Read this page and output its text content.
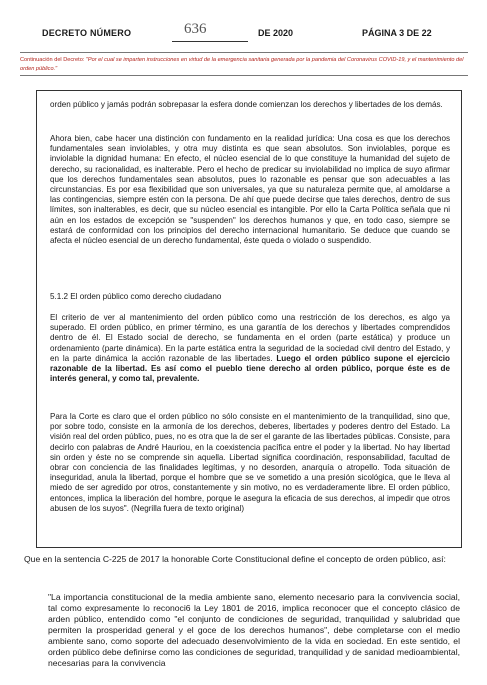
DECRETO NÚMERO	636	DE 2020	PÁGINA 3 DE 22
Continuación del Decreto: "Por el cual se imparten instrucciones en virtud de la emergencia sanitaria generada por la pandemia del Coronavirus COVID-19, y el mantenimiento del orden público."
orden público y jamás podrán sobrepasar la esfera donde comienzan los derechos y libertades de los demás.
Ahora bien, cabe hacer una distinción con fundamento en la realidad jurídica: Una cosa es que los derechos fundamentales sean inviolables, y otra muy distinta es que sean absolutos. Son inviolables, porque es inviolable la dignidad humana: En efecto, el núcleo esencial de lo que constituye la humanidad del sujeto de derecho, su racionalidad, es inalterable. Pero el hecho de predicar su inviolabilidad no implica de suyo afirmar que los derechos fundamentales sean absolutos, pues lo razonable es pensar que son adecuables a las circunstancias. Es por esa flexibilidad que son universales, ya que su naturaleza permite que, al amoldarse a las contingencias, siempre estén con la persona. De ahí que puede decirse que tales derechos, dentro de sus límites, son inalterables, es decir, que su núcleo esencial es intangible. Por ello la Carta Política señala que ni aún en los estados de excepción se "suspenden" los derechos humanos y que, en todo caso, siempre se estará de conformidad con los principios del derecho internacional humanitario. Se deduce que cuando se afecta el núcleo esencial de un derecho fundamental, éste queda o violado o suspendido.
5.1.2 El orden público como derecho ciudadano
El criterio de ver al mantenimiento del orden público como una restricción de los derechos, es algo ya superado. El orden público, en primer término, es una garantía de los derechos y libertades comprendidos dentro de él. El Estado social de derecho, se fundamenta en el orden (parte estática) y produce un ordenamiento (parte dinámica). En la parte estática entra la seguridad de la sociedad civil dentro del Estado, y en la parte dinámica la acción razonable de las libertades. Luego el orden público supone el ejercicio razonable de la libertad. Es así como el pueblo tiene derecho al orden público, porque éste es de interés general, y como tal, prevalente.
Para la Corte es claro que el orden público no sólo consiste en el mantenimiento de la tranquilidad, sino que, por sobre todo, consiste en la armonía de los derechos, deberes, libertades y poderes dentro del Estado. La visión real del orden público, pues, no es otra que la de ser el garante de las libertades públicas. Consiste, para decirlo con palabras de André Hauriou, en la coexistencia pacífica entre el poder y la libertad. No hay libertad sin orden y éste no se comprende sin aquella. Libertad significa coordinación, responsabilidad, facultad de obrar con conciencia de las finalidades legítimas, y no desorden, anarquía o atropello. Toda situación de inseguridad, anula la libertad, porque el hombre que se ve sometido a una presión sicológica, que le lleva al miedo de ser agredido por otros, constantemente y sin motivo, no es verdaderamente libre. El orden público, entonces, implica la liberación del hombre, porque le asegura la eficacia de sus derechos, al impedir que otros abusen de los suyos". (Negrilla fuera de texto original)
Que en la sentencia C-225 de 2017 la honorable Corte Constitucional define el concepto de orden público, así:
"La importancia constitucional de la media ambiente sano, elemento necesario para la convivencia social, tal como expresamente lo reconoci6 la Ley 1801 de 2016, implica reconocer que el concepto clásico de arden público, entendido como "el conjunto de condiciones de seguridad, tranquilidad y salubridad que permiten la prosperidad general y el goce de los derechos humanos", debe completarse con el medio ambiente sano, como soporte del adecuado desenvolvimiento de la vida en sociedad. En este sentido, el orden público debe definirse como las condiciones de seguridad, tranquilidad y de sanidad medioambiental, necesarias para la convivencia
